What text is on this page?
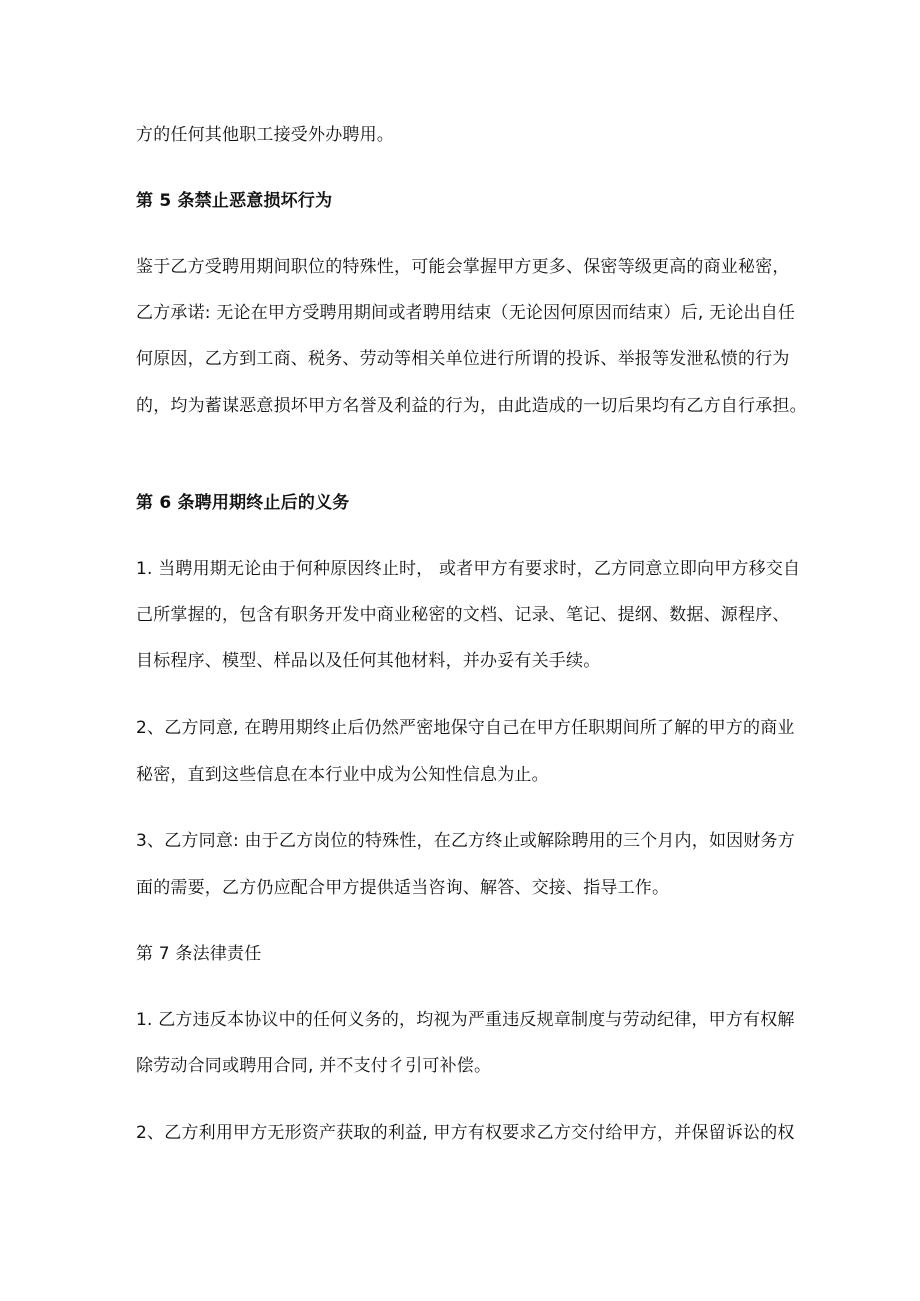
方的任何其他职工接受外办聘用。
第 5 条禁止恶意损坏行为
鉴于乙方受聘用期间职位的特殊性，可能会掌握甲方更多、保密等级更高的商业秘密，
乙方承诺: 无论在甲方受聘用期间或者聘用结束（无论因何原因而结束）后, 无论出自任
何原因，乙方到工商、税务、劳动等相关单位进行所谓的投诉、举报等发泄私愤的行为
的，均为蓄谋恶意损坏甲方名誉及利益的行为，由此造成的一切后果均有乙方自行承担。
第 6 条聘用期终止后的义务
1. 当聘用期无论由于何种原因终止时， 或者甲方有要求时，乙方同意立即向甲方移交自
己所掌握的，包含有职务开发中商业秘密的文档、记录、笔记、提纲、数据、源程序、
目标程序、模型、样品以及任何其他材料，并办妥有关手续。
2、乙方同意, 在聘用期终止后仍然严密地保守自己在甲方任职期间所了解的甲方的商业
秘密，直到这些信息在本行业中成为公知性信息为止。
3、乙方同意: 由于乙方岗位的特殊性，在乙方终止或解除聘用的三个月内，如因财务方
面的需要，乙方仍应配合甲方提供适当咨询、解答、交接、指导工作。
第 7 条法律责任
1. 乙方违反本协议中的任何义务的，均视为严重违反规章制度与劳动纪律，甲方有权解
除劳动合同或聘用合同, 并不支付彳引可补偿。
2、乙方利用甲方无形资产获取的利益, 甲方有权要求乙方交付给甲方，并保留诉讼的权
